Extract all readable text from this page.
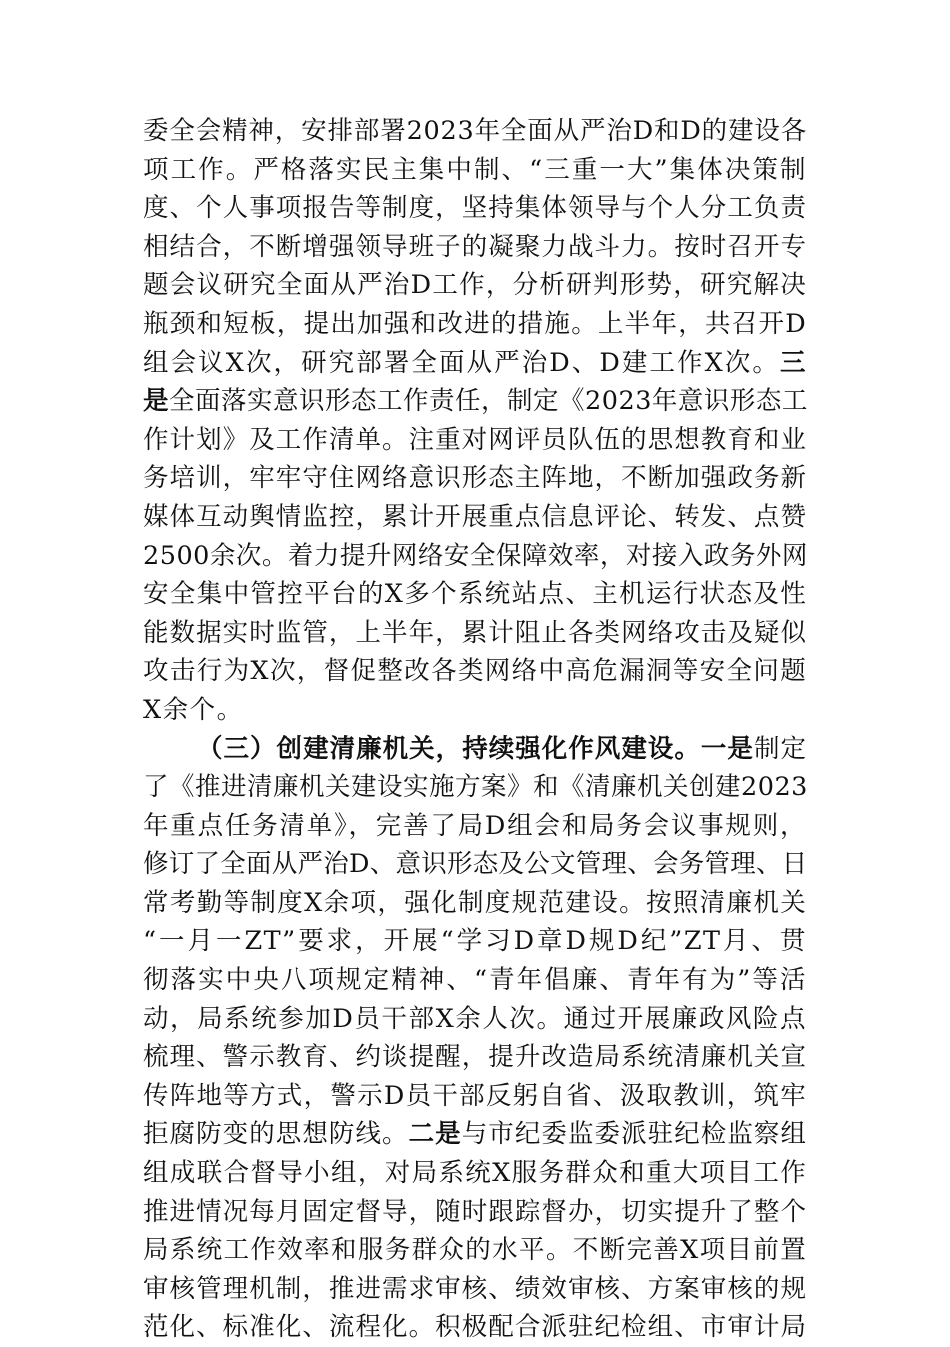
委全会精神，安排部署2023年全面从严治D和D的建设各
项工作。严格落实民主集中制、“三重一大”集体决策制
度、个人事项报告等制度，坚持集体领导与个人分工负责
相结合，不断增强领导班子的凝聚力战斗力。按时召开专
题会议研究全面从严治D工作，分析研判形势，研究解决
瓶颈和短板，提出加强和改进的措施。上半年，共召开D
组会议X次，研究部署全面从严治D、D建工作X次。三
是全面落实意识形态工作责任，制定《2023年意识形态工
作计划》及工作清单。注重对网评员队伍的思想教育和业
务培训，牢牢守住网络意识形态主阵地，不断加强政务新
媒体互动舆情监控，累计开展重点信息评论、转发、点赞
2500余次。着力提升网络安全保障效率，对接入政务外网
安全集中管控平台的X多个系统站点、主机运行状态及性
能数据实时监管，上半年，累计阻止各类网络攻击及疑似
攻击行为X次，督促整改各类网络中高危漏洞等安全问题
X余个。
（三）创建清廉机关，持续强化作风建设。一是制定
了《推进清廉机关建设实施方案》和《清廉机关创建2023
年重点任务清单》，完善了局D组会和局务会议事规则，
修订了全面从严治D、意识形态及公文管理、会务管理、日
常考勤等制度X余项，强化制度规范建设。按照清廉机关
“一月一ZT”要求，开展“学习D章D规D纪”ZT月、贯
彻落实中央八项规定精神、“青年倡廉、青年有为”等活
动，局系统参加D员干部X余人次。通过开展廉政风险点
梳理、警示教育、约谈提醒，提升改造局系统清廉机关宣
传阵地等方式，警示D员干部反躬自省、汲取教训，筑牢
拒腐防变的思想防线。二是与市纪委监委派驻纪检监察组
组成联合督导小组，对局系统X服务群众和重大项目工作
推进情况每月固定督导，随时跟踪督办，切实提升了整个
局系统工作效率和服务群众的水平。不断完善X项目前置
审核管理机制，推进需求审核、绩效审核、方案审核的规
范化、标准化、流程化。积极配合派驻纪检组、市审计局
